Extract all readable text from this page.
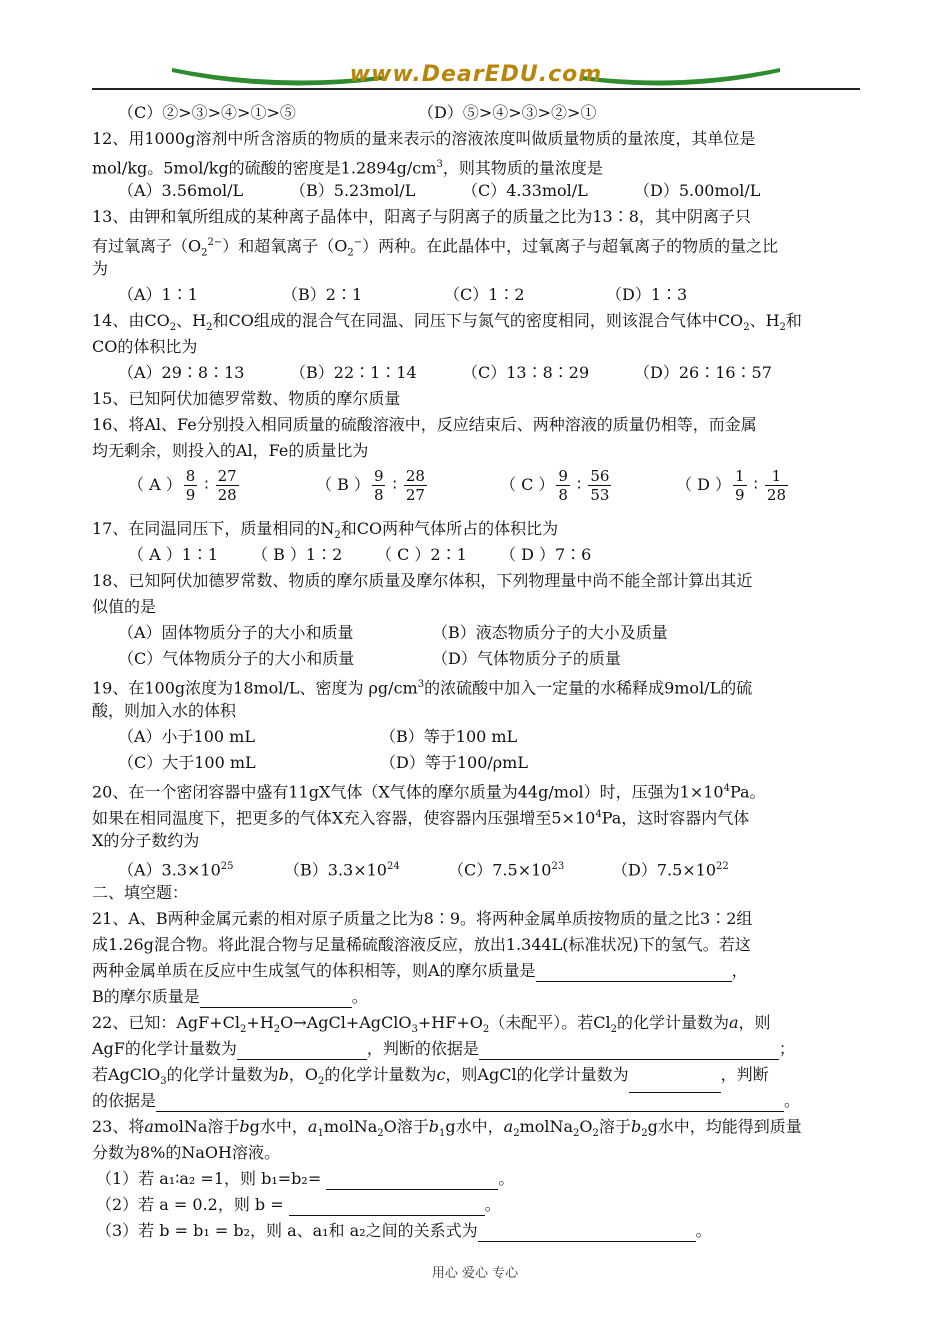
www.DearEDU.com
（C）②>③>④>①>⑤	（D）⑤>④>③>②>①
12、用1000g溶剂中所含溶质的物质的量来表示的溶液浓度叫做质量物质的量浓度，其单位是
mol/kg。5mol/kg的硫酸的密度是$1.2894g/cm^3$，则其物质的量浓度是
（A）3.56mol/L	（B）5.23mol/L	（C）4.33mol/L	（D）5.00mol/L
13、由钾和氧所组成的某种离子晶体中，阳离子与阴离子的质量之比为13∶8，其中阴离子只
有过氧离子$(O_2^{2-})$和超氧离子$(O_2^-)$两种。在此晶体中，过氧离子与超氧离子的物质的量之比
为
（A）1∶1	（B）2∶1	（C）1∶2	（D）1∶3
14、由$CO_2$、$H_2$和CO组成的混合气在同温、同压下与氮气的密度相同，则该混合气体中$CO_2$、$H_2$和
CO的体积比为
（A）29∶8∶13	（B）22∶1∶14	（C）13∶8∶29	（D）26∶16∶57
15、已知阿伏加德罗常数、物质的摩尔质量
16、将Al、Fe分别投入相同质量的硫酸溶液中，反应结束后、两种溶液的质量仍相等，而金属
均无剩余，则投入的Al，Fe的质量比为
（ A ） $\frac{8}{9}$ ∶ $\frac{27}{28}$	（ B ） $\frac{9}{8}$ ∶ $\frac{28}{27}$	（ C ） $\frac{9}{8}$ ∶ $\frac{56}{53}$	（ D ） $\frac{1}{9}$ ∶ $\frac{1}{28}$
17、在同温同压下，质量相同的$N_2$和CO两种气体所占的体积比为
（ A ）1∶1 （ B ）1∶2 （ C ）2∶1 （ D ）7∶6
18、已知阿伏加德罗常数、物质的摩尔质量及摩尔体积，下列物理量中尚不能全部计算出其近
似值的是
（A）固体物质分子的大小和质量	（B）液态物质分子的大小及质量
（C）气体物质分子的大小和质量	（D）气体物质分子的质量
19、在100g浓度为18mol/L、密度为 $\rho g/cm^3$的浓硫酸中加入一定量的水稀释成9mol/L的硫
酸，则加入水的体积
（A）小于100 mL	（B）等于100 mL
（C）大于100 mL	（D）等于100/ρmL
20、在一个密闭容器中盛有11gX气体（X气体的摩尔质量为44g/mol）时，压强为$1\times 10^4Pa$。
如果在相同温度下，把更多的气体X充入容器，使容器内压强增至$5\times 10^4Pa$，这时容器内气体
X的分子数约为
$(A)3.3\times 10^{25}$	$(B)3.3\times 10^{24}$	$(C)7.5\times 10^{23}$	$(D)7.5\times 10^{22}$
二、填空题：
21、A、B两种金属元素的相对原子质量之比为8∶9。将两种金属单质按物质的量之比3∶2组
成1.26g混合物。将此混合物与足量稀硫酸溶液反应，放出1.344L(标准状况)下的氢气。若这
两种金属单质在反应中生成氢气的体积相等，则A的摩尔质量是	，
B的摩尔质量是	。
22、已知：$AgF+Cl_2+H_2O\to AgCl+AgClO_3+HF+O_2$（未配平）。若$Cl_2$的化学计量数为a，则
AgF的化学计量数为	，判断的依据是	；
若AgClO$_3$的化学计量数为b，$O_2$的化学计量数为c，则AgCl的化学计量数为	，判断
的依据是	。
23、将amolNa溶于bg水中，$a_1molNa_2O$溶于$b_1g$水中，$a_2molNa_2O_2$溶于$b_2g$水中，均能得到质量
分数为8%的NaOH溶液。
（1）若 a₁∶a₂ =1，则 b₁=b₂=	。
（2）若 a = 0.2，则 b =	。
（3）若 b = b₁ = b₂，则 a、a₁和 a₂之间的关系式为	。
用心 爱心 专心
